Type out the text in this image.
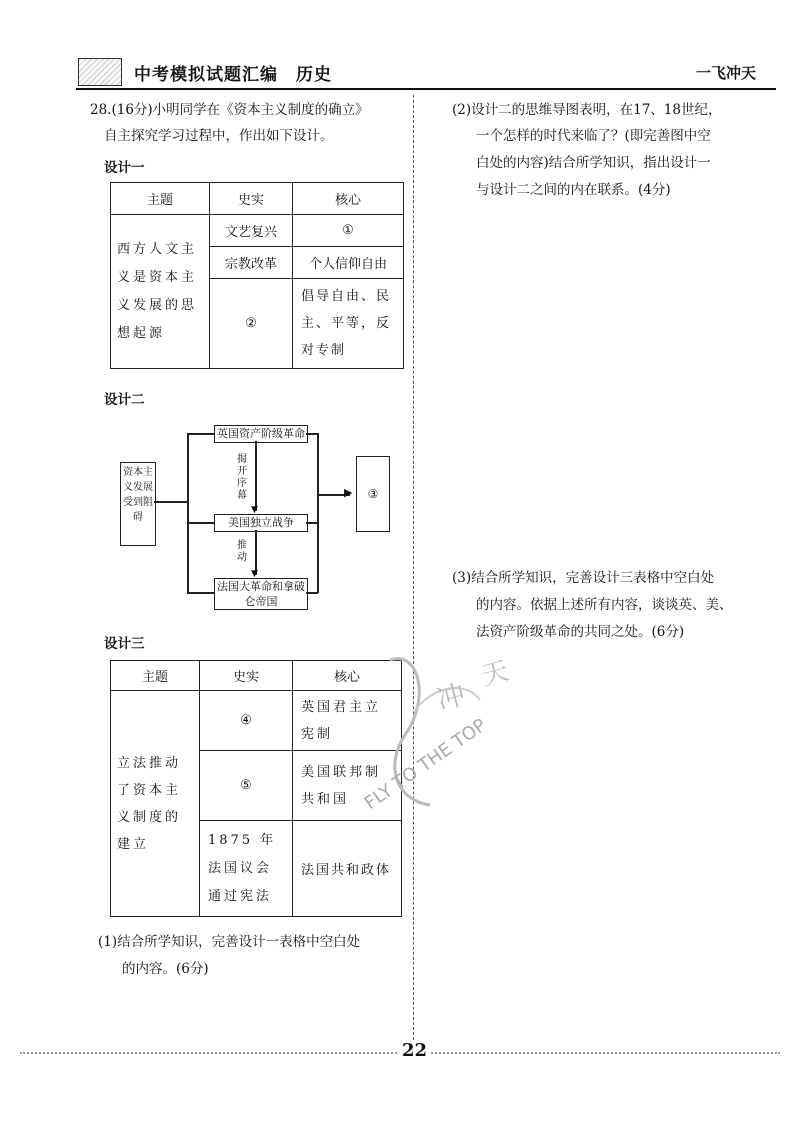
中考模拟试题汇编　历史	一飞冲天
28.(16分)小明同学在《资本主义制度的确立》
自主探究学习过程中，作出如下设计。
设计一
主题	史实	核心
西方人文主义是资本主义发展的思想起源	文艺复兴	①
	宗教改革	个人信仰自由
	②	倡导自由、民主、平等，反对专制
设计二
资本主义发展受到阻碍
英国资产阶级革命
美国独立战争
法国大革命和拿破仑帝国
▼
揭开序幕
▼
推动
▶	③
设计三
主题	史实	核心
立法推动了资本主义制度的建立	④	英国君主立宪制
	⑤	美国联邦制共和国
	1875 年法国议会通过宪法	法国共和政体
(1)结合所学知识，完善设计一表格中空白处
的内容。(6分)
(2)设计二的思维导图表明，在17、18世纪，
一个怎样的时代来临了？(即完善图中空
白处的内容)结合所学知识，指出设计一
与设计二之间的内在联系。(4分)
(3)结合所学知识，完善设计三表格中空白处
的内容。依据上述所有内容，谈谈英、美、
法资产阶级革命的共同之处。(6分)
冲
天
FLY TO THE TOP
22
